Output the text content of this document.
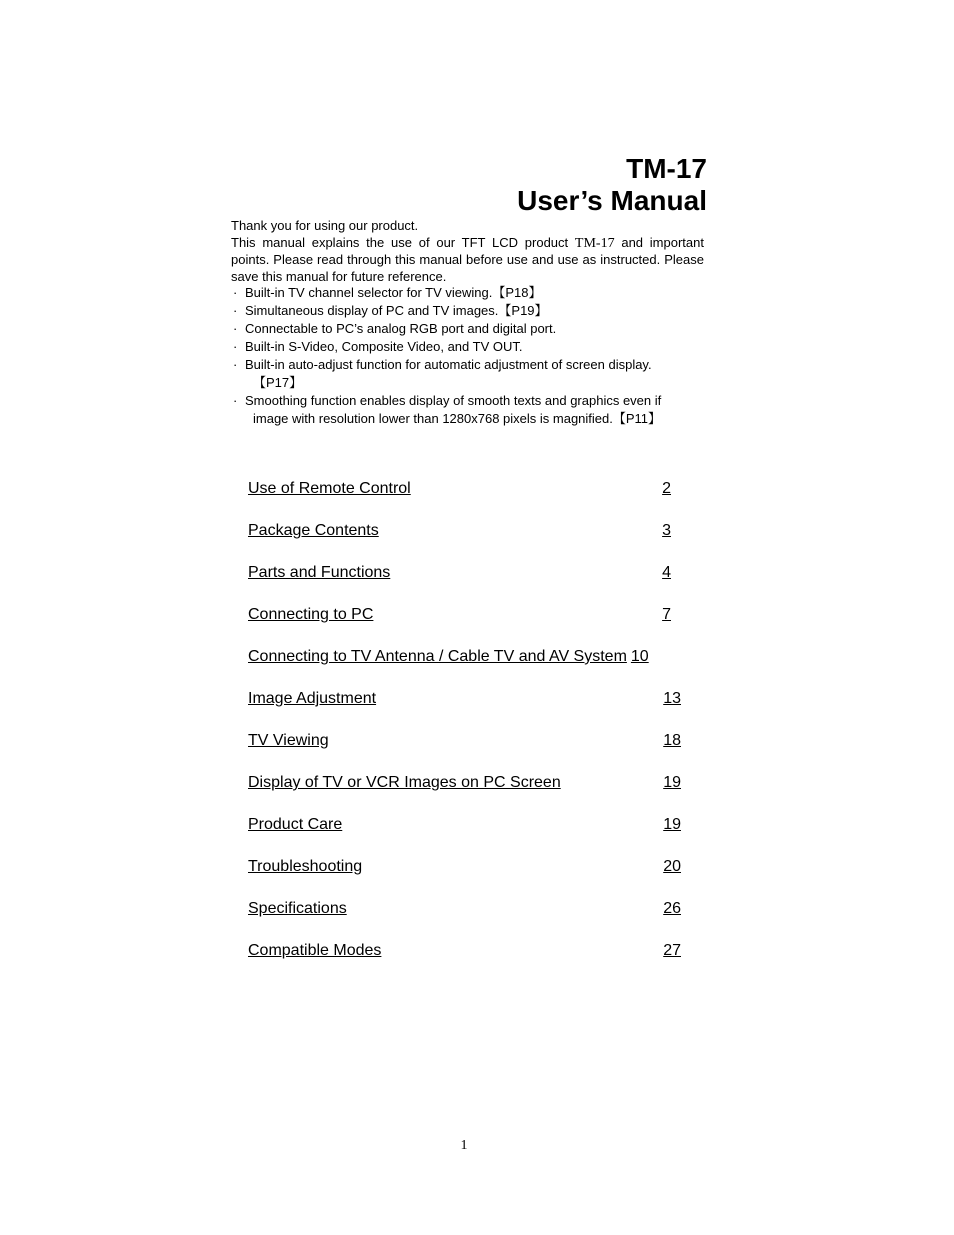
TM-17
User’s Manual

Thank you for using our product.

This manual explains the use of our TFT LCD product TM-17 and important points. Please read through this manual before use and use as instructed. Please save this manual for future reference.

· Built-in TV channel selector for TV viewing.【P18】
· Simultaneous display of PC and TV images.【P19】
· Connectable to PC’s analog RGB port and digital port.
· Built-in S-Video, Composite Video, and TV OUT.
· Built-in auto-adjust function for automatic adjustment of screen display.
【P17】
· Smoothing function enables display of smooth texts and graphics even if
image with resolution lower than 1280x768 pixels is magnified.【P11】
Use of Remote Control	2
Package Contents	3
Parts and Functions	4
Connecting to PC	7
Connecting to TV Antenna / Cable TV and AV System 10
Image Adjustment	13
TV Viewing	18
Display of TV or VCR Images on PC Screen	19
Product Care	19
Troubleshooting	20
Specifications	26
Compatible Modes	27
1
